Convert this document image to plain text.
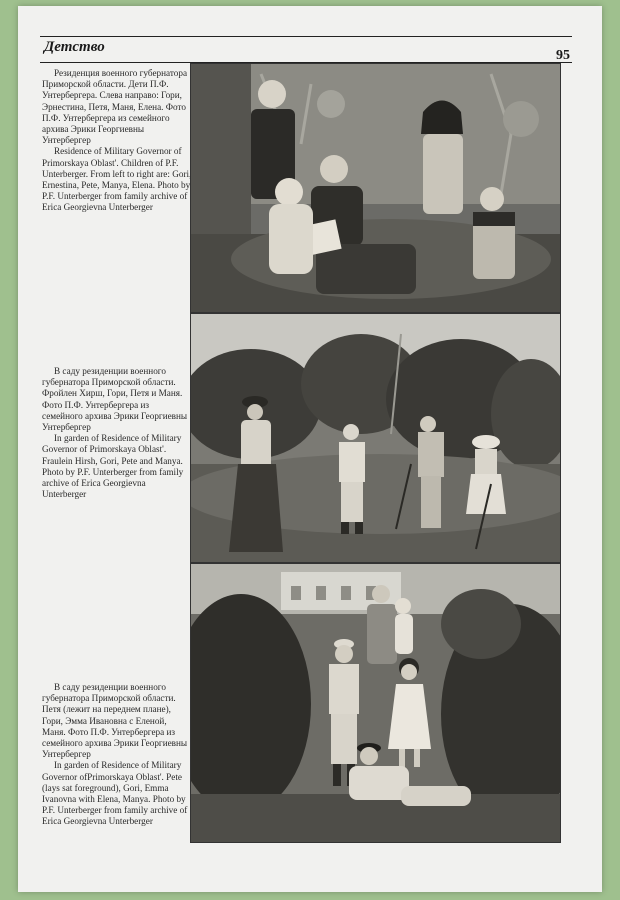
Детство
95

Резиденция военного губернатора Приморской области. Дети П.Ф. Унтербергера. Слева направо: Гори, Эрнестина, Петя, Маня, Елена. Фото П.Ф. Унтербергера из семейного архива Эрики Георгиевны Унтербергер

Residence of Military Governor of Primorskaya Oblast'. Children of P.F. Unterberger. From left to right are: Gori, Ernestina, Pete, Manya, Elena. Photo by P.F. Unterberger from family archive of Erica Georgievna Unterberger

В саду резиденции военного губернатора Приморской области. Фройлен Хирш, Гори, Петя и Маня. Фото П.Ф. Унтербергера из семейного архива Эрики Георгиевны Унтербергер

In garden of Residence of Military Governor of Primorskaya Oblast'. Fraulein Hirsh, Gori, Pete and Manya. Photo by P.F. Unterberger from family archive of Erica Georgievna Unterberger

В саду резиденции военного губернатора Приморской области. Петя (лежит на переднем плане), Гори, Эмма Ивановна с Еленой, Маня. Фото П.Ф. Унтербергера из семейного архива Эрики Георгиевны Унтербергер

In garden of Residence of Military Governor ofPrimorskaya Oblast'. Pete (lays sat foreground), Gori, Emma Ivanovna with Elena, Manya. Photo by P.F. Unterberger from family archive of Erica Georgievna Unterberger
